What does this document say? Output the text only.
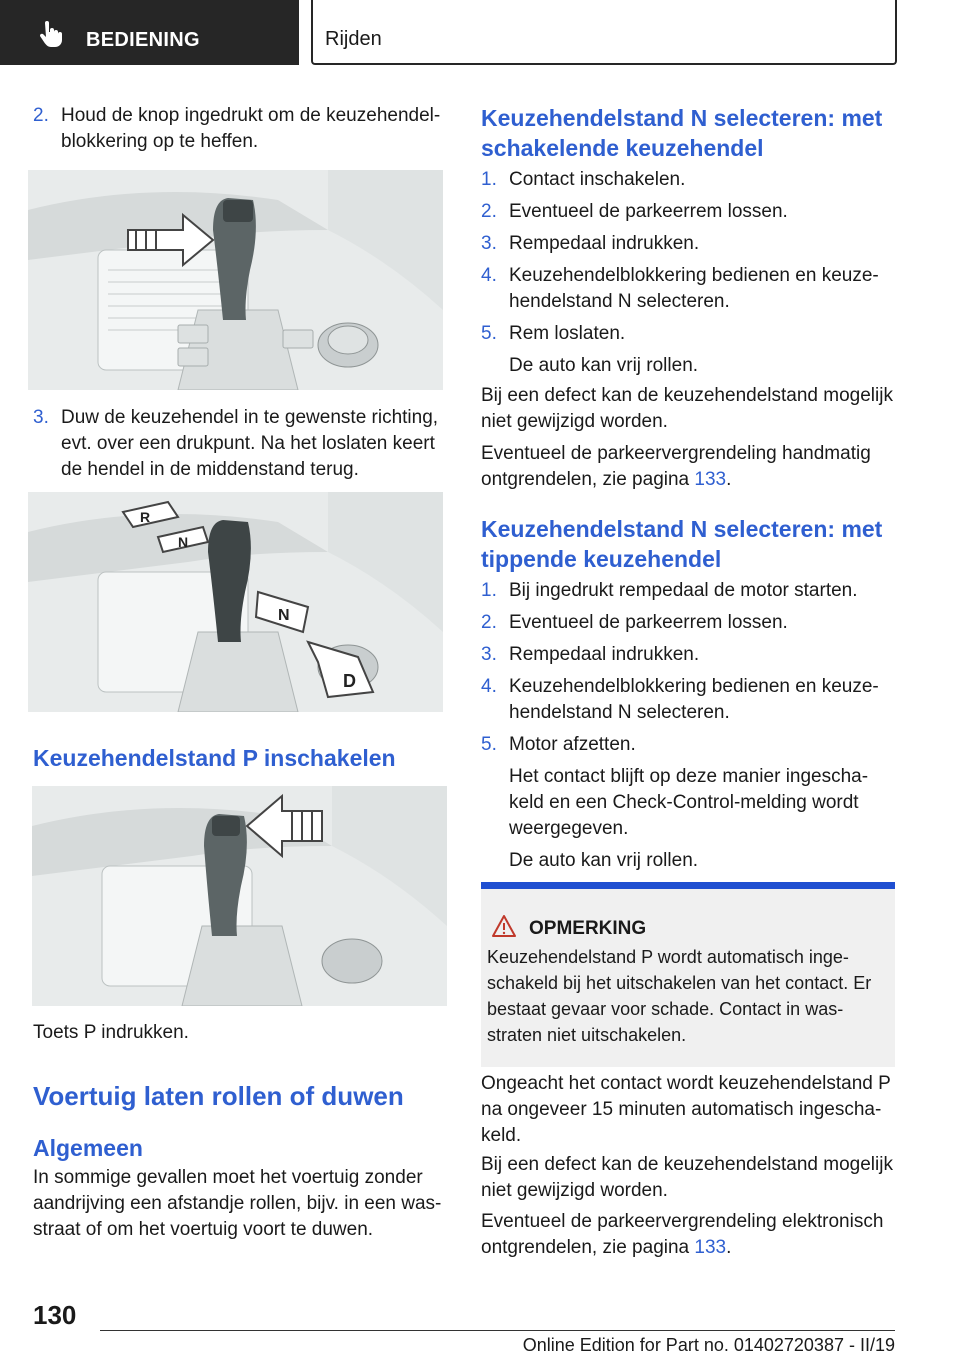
BEDIENING	Rijden
2. Houd de knop ingedrukt om de keuzehendel-blokkering op te heffen.
3. Duw de keuzehendel in te gewenste richting, evt. over een drukpunt. Na het loslaten keert de hendel in de middenstand terug.
R
N
N
D
Keuzehendelstand P inschakelen
Toets P indrukken.
Voertuig laten rollen of duwen
Algemeen
In sommige gevallen moet het voertuig zonder aandrijving een afstandje rollen, bijv. in een was-straat of om het voertuig voort te duwen.
Keuzehendelstand N selecteren: met schakelende keuzehendel
1. Contact inschakelen.
2. Eventueel de parkeerrem lossen.
3. Rempedaal indrukken.
4. Keuzehendelblokkering bedienen en keuze-hendelstand N selecteren.
5. Rem loslaten.
De auto kan vrij rollen.
Bij een defect kan de keuzehendelstand mogelijk niet gewijzigd worden.
Eventueel de parkeervergrendeling handmatig ontgrendelen, zie pagina 133.
Keuzehendelstand N selecteren: met tippende keuzehendel
1. Bij ingedrukt rempedaal de motor starten.
2. Eventueel de parkeerrem lossen.
3. Rempedaal indrukken.
4. Keuzehendelblokkering bedienen en keuze-hendelstand N selecteren.
5. Motor afzetten.
Het contact blijft op deze manier ingescha-keld en een Check-Control-melding wordt weergegeven.
De auto kan vrij rollen.
OPMERKING
Keuzehendelstand P wordt automatisch inge-schakeld bij het uitschakelen van het contact. Er bestaat gevaar voor schade. Contact in was-straten niet uitschakelen.
Ongeacht het contact wordt keuzehendelstand P na ongeveer 15 minuten automatisch ingescha-keld.
Bij een defect kan de keuzehendelstand mogelijk niet gewijzigd worden.
Eventueel de parkeervergrendeling elektronisch ontgrendelen, zie pagina 133.
130
Online Edition for Part no. 01402720387 - II/19
